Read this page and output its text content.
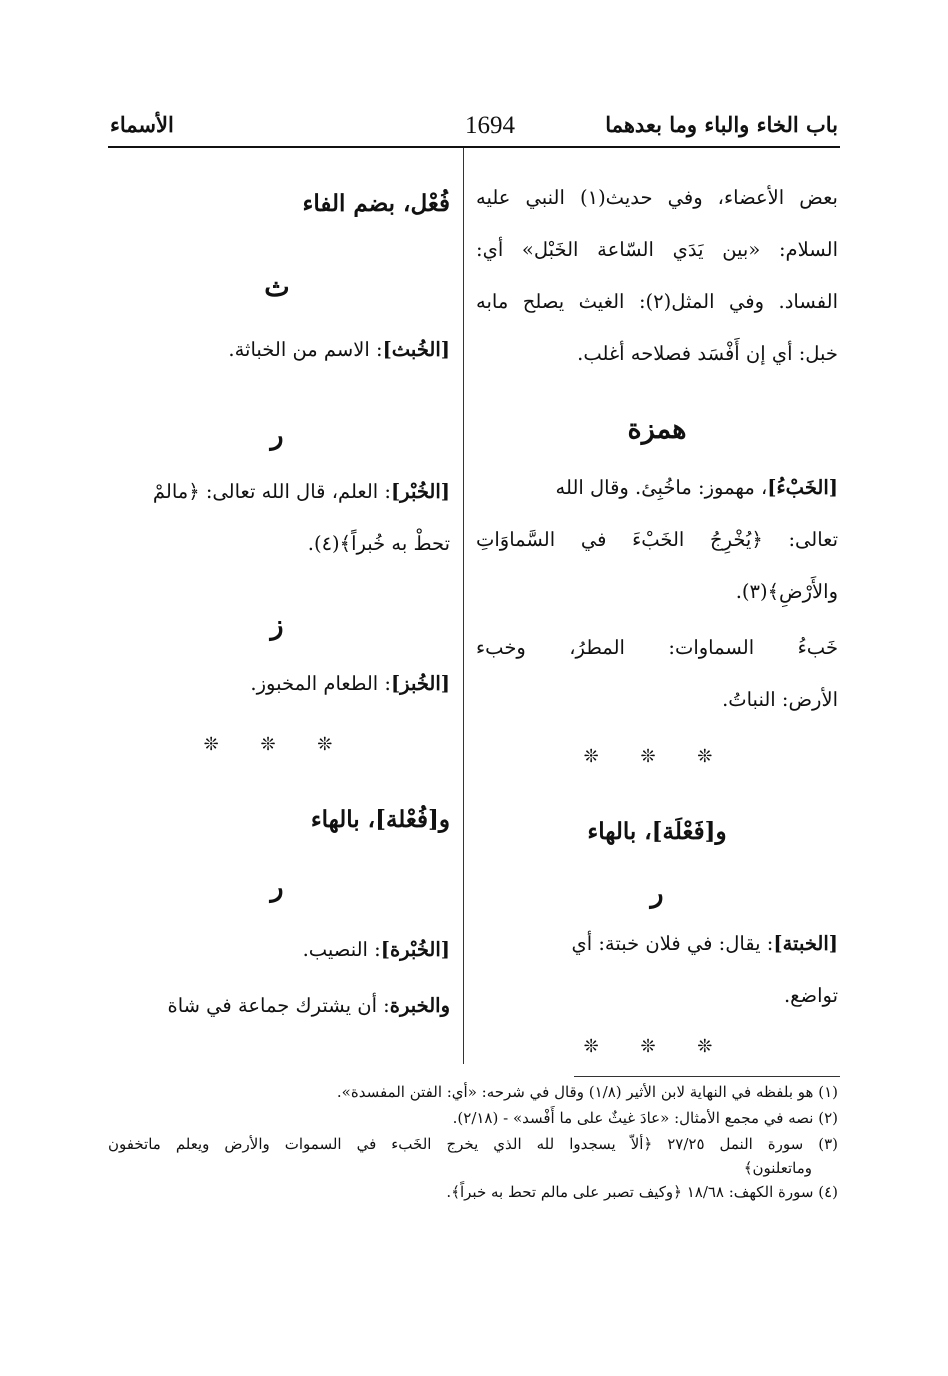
باب الخاء والباء وما بعدهما
1694
الأسماء
بعض الأعضاء، وفي حديث(١) النبي عليه
السلام: «بين يَدَي السّاعة الخَبْل» أي:
الفساد. وفي المثل(٢): الغيث يصلح مابه
خبل: أي إن أَفْسَد فصلاحه أغلب.
همزة
[الخَبْءُ]، مهموز: ماخُبِئ. وقال الله
تعالى: ﴿يُخْرِجُ الخَبْءَ في السَّماوَاتِ
والأَرْضِ﴾(٣).
خَبءُ السماوات: المطرُ، وخبء
الأرض: النباتُ.
❊ ❊ ❊
و[فَعْلَة]، بالهاء
ر
[الخبتة]: يقال: في فلان خبتة: أي
تواضع.
❊ ❊ ❊
فُعْل، بضم الفاء
ث
[الخُبث]: الاسم من الخباثة.
ر
[الخُبْر]: العلم، قال الله تعالى: ﴿مالمْ
تحطْ به خُبراً﴾(٤).
ز
[الخُبز]: الطعام المخبوز.
❊ ❊ ❊
و[فُعْلة]، بالهاء
ر
[الخُبْرة]: النصيب.
والخبرة: أن يشترك جماعة في شاة
(١) هو بلفظه في النهاية لابن الأثير (١/٨) وقال في شرحه: «أي: الفتن المفسدة».
(٢) نصه في مجمع الأمثال: «عادَ غيثٌ على ما أَفْسد» - (٢/١٨).
(٣) سورة النمل ٢٧/٢٥ ﴿ألاّ يسجدوا لله الذي يخرج الخَبء في السموات والأرض ويعلم ماتخفون
وماتعلنون﴾
(٤) سورة الكهف: ١٨/٦٨ ﴿وكيف تصبر على مالم تحط به خبراً﴾.
